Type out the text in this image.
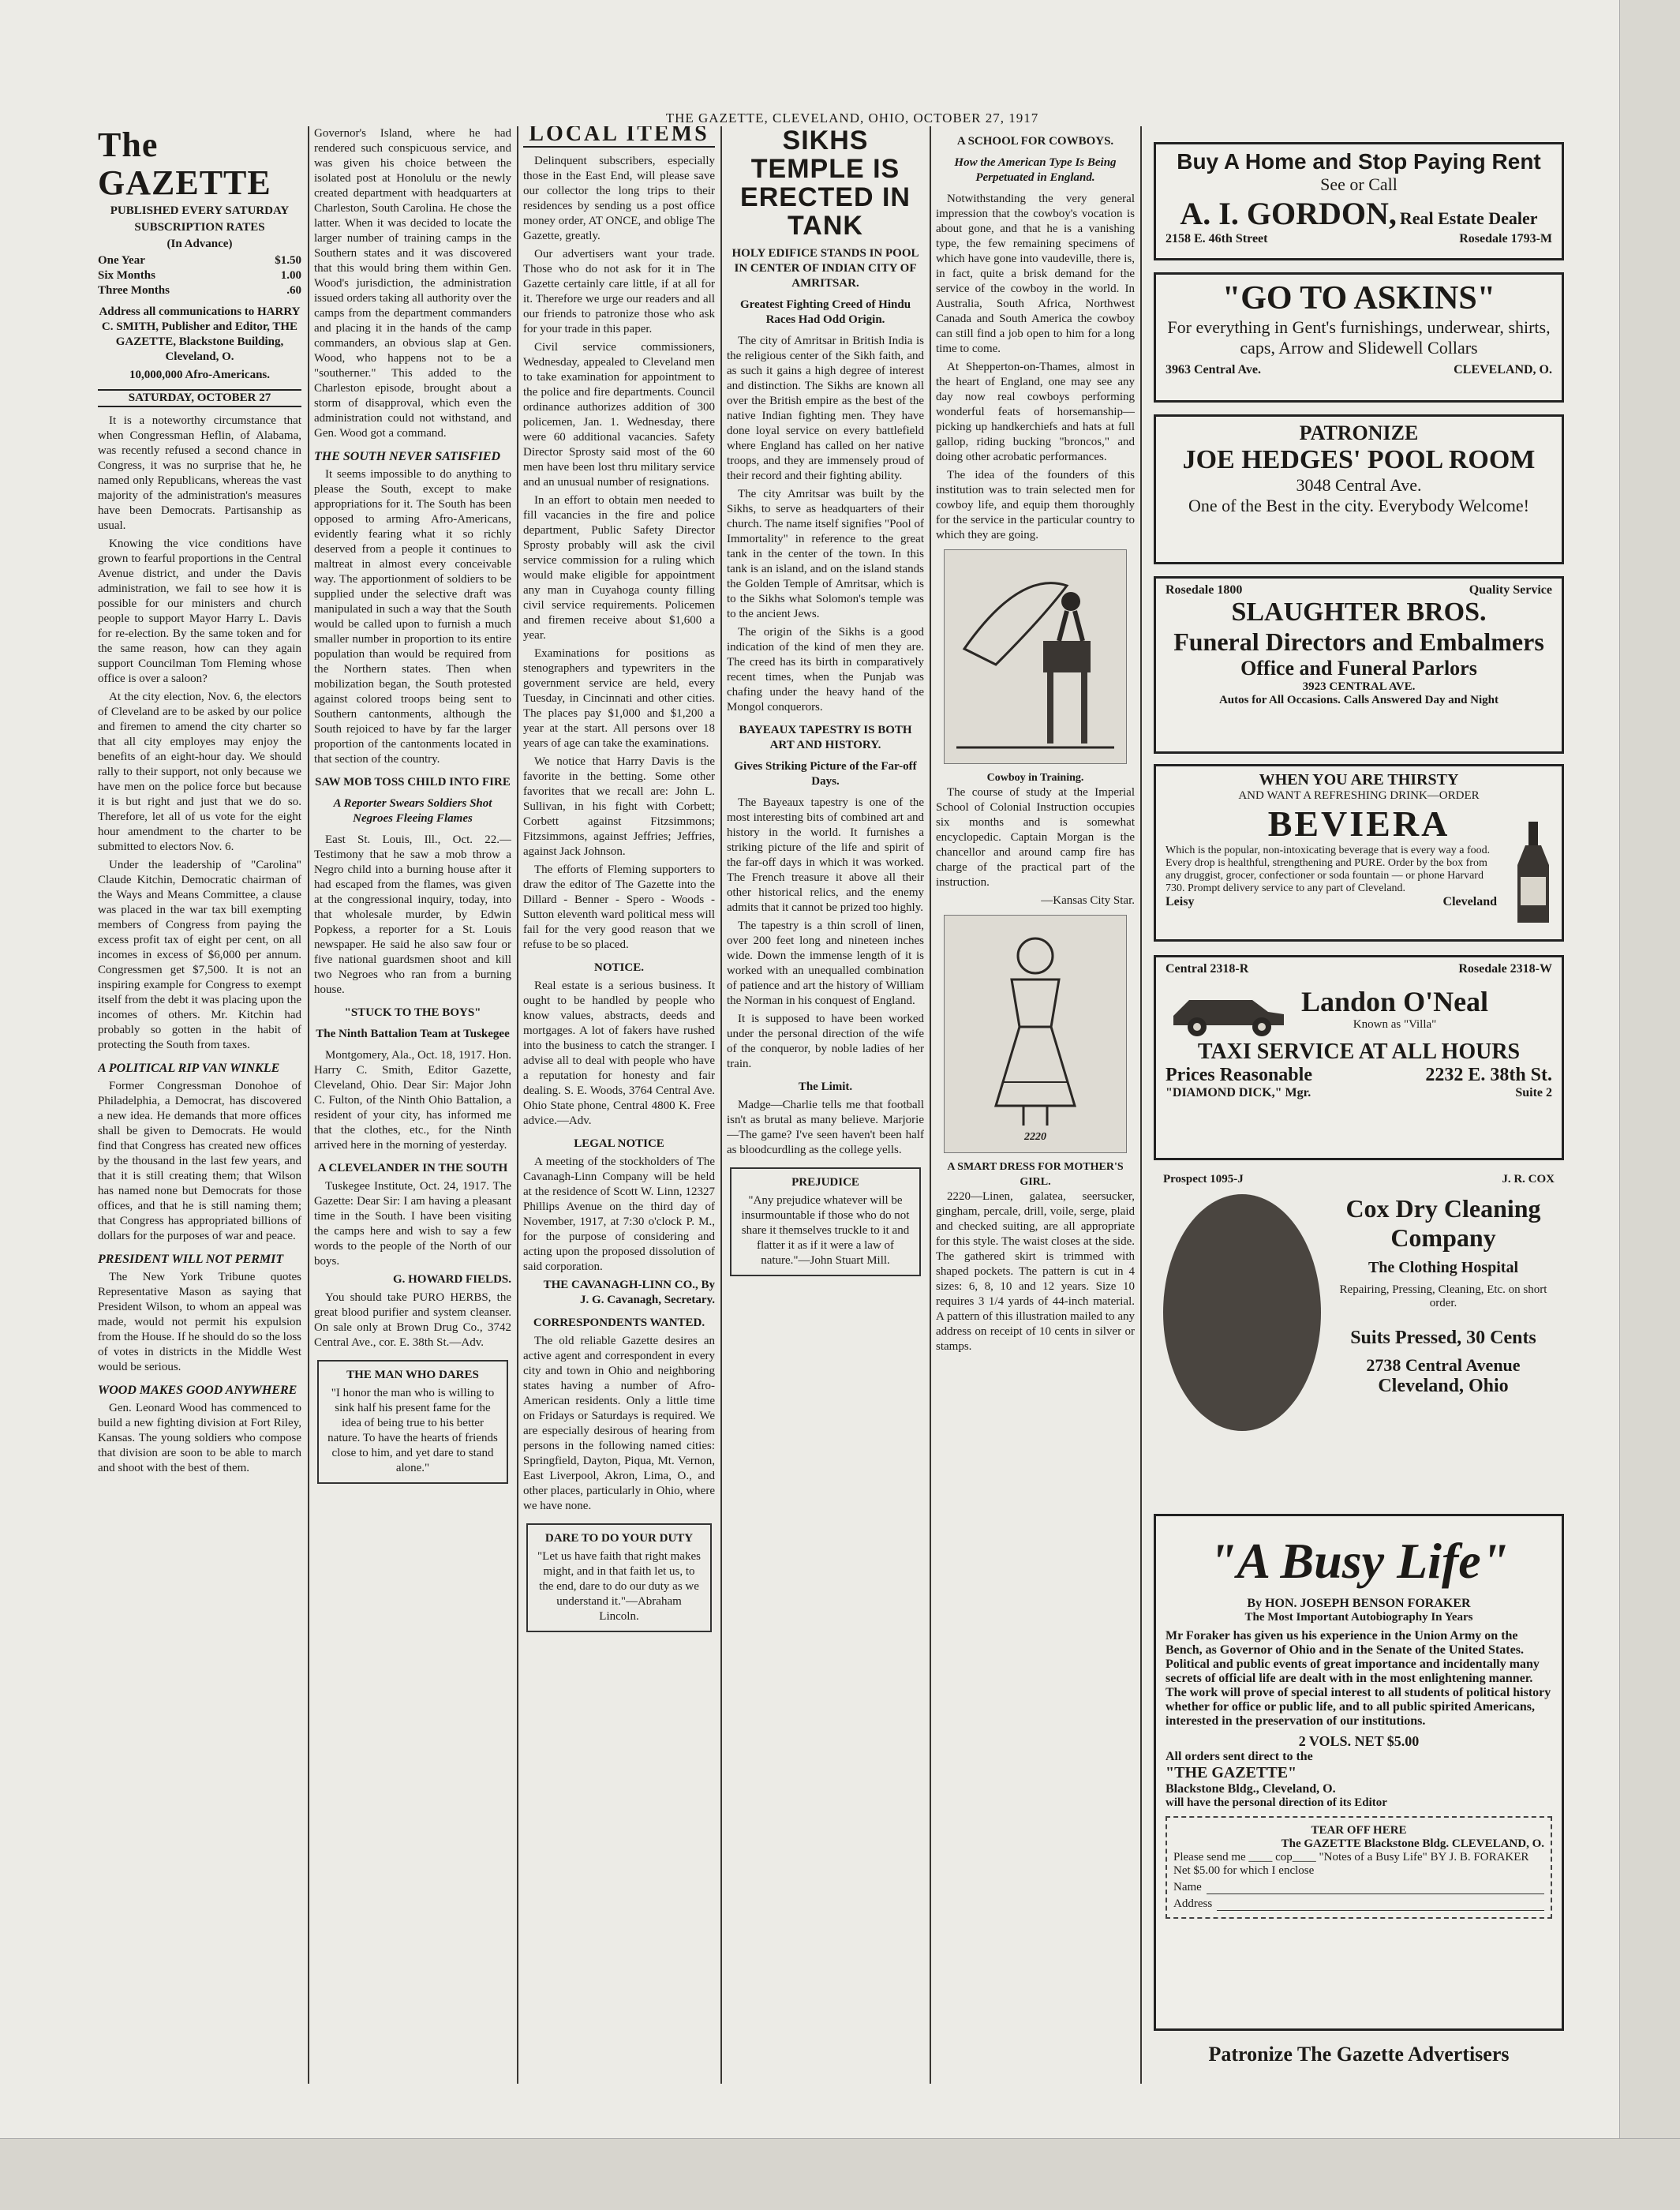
THE GAZETTE, CLEVELAND, OHIO, OCTOBER 27, 1917
The GAZETTE
PUBLISHED EVERY SATURDAY
SUBSCRIPTION RATES
(In Advance)
One Year	$1.50
Six Months	1.00
Three Months	.60

Address all communications to HARRY C. SMITH, Publisher and Editor, THE GAZETTE, Blackstone Building, Cleveland, O.

10,000,000 Afro-Americans.

SATURDAY, OCTOBER 27

It is a noteworthy circumstance that when Congressman Heflin, of Alabama, was recently refused a second chance in Congress, it was no surprise that he, he named only Republicans, whereas the vast majority of the administration's measures have been Democrats. Partisanship as usual.

Knowing the vice conditions have grown to fearful proportions in the Central Avenue district, and under the Davis administration, we fail to see how it is possible for our ministers and church people to support Mayor Harry L. Davis for re-election. By the same token and for the same reason, how can they again support Councilman Tom Fleming whose office is over a saloon?

At the city election, Nov. 6, the electors of Cleveland are to be asked by our police and firemen to amend the city charter so that all city employes may enjoy the benefits of an eight-hour day. We should rally to their support, not only because we have men on the police force but because it is but right and just that we do so. Therefore, let all of us vote for the eight hour amendment to the charter to be submitted to electors Nov. 6.

Under the leadership of "Carolina" Claude Kitchin, Democratic chairman of the Ways and Means Committee, a clause was placed in the war tax bill exempting members of Congress from paying the excess profit tax of eight per cent, on all incomes in excess of $6,000 per annum. Congressmen get $7,500. It is not an inspiring example for Congress to exempt itself from the debt it was placing upon the incomes of others. Mr. Kitchin had probably so gotten in the habit of protecting the South from taxes.

A POLITICAL RIP VAN WINKLE

Former Congressman Donohoe of Philadelphia, a Democrat, has discovered a new idea. He demands that more offices shall be given to Democrats. He would find that Congress has created new offices by the thousand in the last few years, and that it is still creating them; that Wilson has named none but Democrats for those offices, and that he is still naming them; that Congress has appropriated billions of dollars for the purposes of war and peace.

PRESIDENT WILL NOT PERMIT

The New York Tribune quotes Representative Mason as saying that President Wilson, to whom an appeal was made, would not permit his expulsion from the House. If he should do so the loss of votes in districts in the Middle West would be serious.

WOOD MAKES GOOD ANYWHERE

Gen. Leonard Wood has commenced to build a new fighting division at Fort Riley, Kansas. The young soldiers who compose that division are soon to be able to march and shoot with the best of them.

Governor's Island, where he had rendered such conspicuous service, and was given his choice between the isolated post at Honolulu or the newly created department with headquarters at Charleston, South Carolina. He chose the latter. When it was decided to locate the larger number of training camps in the Southern states and it was discovered that this would bring them within Gen. Wood's jurisdiction, the administration issued orders taking all authority over the camps from the department commanders and placing it in the hands of the camp commanders, an obvious slap at Gen. Wood, who happens not to be a "southerner." This added to the Charleston episode, brought about a storm of disapproval, which even the administration could not withstand, and Gen. Wood got a command.

THE SOUTH NEVER SATISFIED

It seems impossible to do anything to please the South, except to make appropriations for it. The South has been opposed to arming Afro-Americans, evidently fearing what it so richly deserved from a people it continues to maltreat in almost every conceivable way. The apportionment of soldiers to be supplied under the selective draft was manipulated in such a way that the South would be called upon to furnish a much smaller number in proportion to its entire population than would be required from the Northern states. Then when mobilization began, the South protested against colored troops being sent to Southern cantonments, although the South rejoiced to have by far the larger proportion of the cantonments located in that section of the country.

SAW MOB TOSS CHILD INTO FIRE
A Reporter Swears Soldiers Shot Negroes Fleeing Flames

East St. Louis, Ill., Oct. 22.—Testimony that he saw a mob throw a Negro child into a burning house after it had escaped from the flames, was given at the congressional inquiry, today, into that wholesale murder, by Edwin Popkess, a reporter for a St. Louis newspaper. He said he also saw four or five national guardsmen shoot and kill two Negroes who ran from a burning house.

"STUCK TO THE BOYS"
The Ninth Battalion Team at Tuskegee

Montgomery, Ala., Oct. 18, 1917. Hon. Harry C. Smith, Editor Gazette, Cleveland, Ohio. Dear Sir: Major John C. Fulton, of the Ninth Ohio Battalion, a resident of your city, has informed me that the clothes, etc., for the Ninth arrived here in the morning of yesterday.

A CLEVELANDER IN THE SOUTH

Tuskegee Institute, Oct. 24, 1917. The Gazette: Dear Sir: I am having a pleasant time in the South. I have been visiting the camps here and wish to say a few words to the people of the North of our boys.

G. HOWARD FIELDS.

You should take PURO HERBS, the great blood purifier and system cleanser. On sale only at Brown Drug Co., 3742 Central Ave., cor. E. 38th St.—Adv.

THE MAN WHO DARES
"I honor the man who is willing to sink half his present fame for the idea of being true to his better nature. To have the hearts of friends close to him, and yet dare to stand alone."
LOCAL ITEMS

Delinquent subscribers, especially those in the East End, will please save our collector the long trips to their residences by sending us a post office money order, AT ONCE, and oblige The Gazette, greatly.

Our advertisers want your trade. Those who do not ask for it in The Gazette certainly care little, if at all for it. Therefore we urge our readers and all our friends to patronize those who ask for your trade in this paper.

Civil service commissioners, Wednesday, appealed to Cleveland men to take examination for appointment to the police and fire departments. Council ordinance authorizes addition of 300 policemen, Jan. 1. Wednesday, there were 60 additional vacancies. Safety Director Sprosty said most of the 60 men have been lost thru military service and an unusual number of resignations.

In an effort to obtain men needed to fill vacancies in the fire and police department, Public Safety Director Sprosty probably will ask the civil service commission for a ruling which would make eligible for appointment any man in Cuyahoga county filling civil service requirements. Policemen and firemen receive about $1,600 a year.

Examinations for positions as stenographers and typewriters in the government service are held, every Tuesday, in Cincinnati and other cities. The places pay $1,000 and $1,200 a year at the start. All persons over 18 years of age can take the examinations.

We notice that Harry Davis is the favorite in the betting. Some other favorites that we recall are: John L. Sullivan, in his fight with Corbett; Corbett against Fitzsimmons; Fitzsimmons, against Jeffries; Jeffries, against Jack Johnson.

The efforts of Fleming supporters to draw the editor of The Gazette into the Dillard - Benner - Spero - Woods - Sutton eleventh ward political mess will fail for the very good reason that we refuse to be so placed.

NOTICE.

Real estate is a serious business. It ought to be handled by people who know values, abstracts, deeds and mortgages. A lot of fakers have rushed into the business to catch the stranger. I advise all to deal with people who have a reputation for honesty and fair dealing. S. E. Woods, 3764 Central Ave. Ohio State phone, Central 4800 K. Free advice.—Adv.

LEGAL NOTICE

A meeting of the stockholders of The Cavanagh-Linn Company will be held at the residence of Scott W. Linn, 12327 Phillips Avenue on the third day of November, 1917, at 7:30 o'clock P. M., for the purpose of considering and acting upon the proposed dissolution of said corporation.

THE CAVANAGH-LINN CO., By J. G. Cavanagh, Secretary.

CORRESPONDENTS WANTED.

The old reliable Gazette desires an active agent and correspondent in every city and town in Ohio and neighboring states having a number of Afro-American residents. Only a little time on Fridays or Saturdays is required. We are especially desirous of hearing from persons in the following named cities: Springfield, Dayton, Piqua, Mt. Vernon, East Liverpool, Akron, Lima, O., and other places, particularly in Ohio, where we have none.

DARE TO DO YOUR DUTY
"Let us have faith that right makes might, and in that faith let us, to the end, dare to do our duty as we understand it."—Abraham Lincoln.
SIKHS TEMPLE IS ERECTED IN TANK
HOLY EDIFICE STANDS IN POOL IN CENTER OF INDIAN CITY OF AMRITSAR.
Greatest Fighting Creed of Hindu Races Had Odd Origin.

The city of Amritsar in British India is the religious center of the Sikh faith, and as such it gains a high degree of interest and distinction. The Sikhs are known all over the British empire as the best of the native Indian fighting men. They have done loyal service on every battlefield where England has called on her native troops, and they are immensely proud of their record and their fighting ability.

The city Amritsar was built by the Sikhs, to serve as headquarters of their church. The name itself signifies "Pool of Immortality" in reference to the great tank in the center of the town. In this tank is an island, and on the island stands the Golden Temple of Amritsar, which is to the Sikhs what Solomon's temple was to the ancient Jews.

The origin of the Sikhs is a good indication of the kind of men they are. The creed has its birth in comparatively recent times, when the Punjab was chafing under the heavy hand of the Mongol conquerors.

BAYEAUX TAPESTRY IS BOTH ART AND HISTORY.
Gives Striking Picture of the Far-off Days.

The Bayeaux tapestry is one of the most interesting bits of combined art and history in the world. It furnishes a striking picture of the life and spirit of the far-off days in which it was worked. The French treasure it above all their other historical relics, and the enemy admits that it cannot be prized too highly.

The tapestry is a thin scroll of linen, over 200 feet long and nineteen inches wide. Down the immense length of it is worked with an unequalled combination of patience and art the history of William the Norman in his conquest of England.

It is supposed to have been worked under the personal direction of the wife of the conqueror, by noble ladies of her train.

The Limit.

Madge—Charlie tells me that football isn't as brutal as many believe. Marjorie—The game? I've seen haven't been half as bloodcurdling as the college yells.

PREJUDICE
"Any prejudice whatever will be insurmountable if those who do not share it themselves truckle to it and flatter it as if it were a law of nature."—John Stuart Mill.
A SCHOOL FOR COWBOYS.
How the American Type Is Being Perpetuated in England.

Notwithstanding the very general impression that the cowboy's vocation is about gone, and that he is a vanishing type, the few remaining specimens of which have gone into vaudeville, there is, in fact, quite a brisk demand for the service of the cowboy in the world. In Australia, South Africa, Northwest Canada and South America the cowboy can still find a job open to him for a long time to come.

At Shepperton-on-Thames, almost in the heart of England, one may see any day now real cowboys performing wonderful feats of horsemanship—picking up handkerchiefs and hats at full gallop, riding bucking "broncos," and doing other acrobatic performances.

The idea of the founders of this institution was to train selected men for cowboy life, and equip them thoroughly for the service in the particular country to which they are going.

Cowboy in Training.

The course of study at the Imperial School of Colonial Instruction occupies six months and is somewhat encyclopedic. Captain Morgan is the chancellor and around camp fire has charge of the practical part of the instruction.

—Kansas City Star.

2220
A SMART DRESS FOR MOTHER'S GIRL.

2220—Linen, galatea, seersucker, gingham, percale, drill, voile, serge, plaid and checked suiting, are all appropriate for this style. The waist closes at the side. The gathered skirt is trimmed with shaped pockets. The pattern is cut in 4 sizes: 6, 8, 10 and 12 years. Size 10 requires 3 1/4 yards of 44-inch material. A pattern of this illustration mailed to any address on receipt of 10 cents in silver or stamps.

Buy A Home and Stop Paying Rent
See or Call
A. I. GORDON, Real Estate Dealer
2158 E. 46th Street	Rosedale 1793-M
"GO TO ASKINS"
For everything in Gent's furnishings, underwear, shirts, caps, Arrow and Slidewell Collars
3963 Central Ave.	CLEVELAND, O.
PATRONIZE
JOE HEDGES' POOL ROOM
3048 Central Ave.
One of the Best in the city. Everybody Welcome!
Rosedale 1800	Quality Service
SLAUGHTER BROS.
Funeral Directors and Embalmers
Office and Funeral Parlors
3923 CENTRAL AVE.
Autos for All Occasions. Calls Answered Day and Night
WHEN YOU ARE THIRSTY
AND WANT A REFRESHING DRINK—ORDER
BEVIERA
Which is the popular, non-intoxicating beverage that is every way a food. Every drop is healthful, strengthening and PURE. Order by the box from any druggist, grocer, confectioner or soda fountain — or phone Harvard 730. Prompt delivery service to any part of Cleveland.
Leisy	Cleveland
Central 2318-R	Rosedale 2318-W
Landon O'Neal
Known as "Villa"
TAXI SERVICE AT ALL HOURS
Prices Reasonable	2232 E. 38th St.
"DIAMOND DICK," Mgr.	Suite 2
Prospect 1095-J	J. R. COX
Cox Dry Cleaning Company
The Clothing Hospital
Repairing, Pressing, Cleaning, Etc. on short order.
Suits Pressed, 30 Cents
2738 Central Avenue
Cleveland, Ohio
"A Busy Life"
By HON. JOSEPH BENSON FORAKER
The Most Important Autobiography In Years
Mr Foraker has given us his experience in the Union Army on the Bench, as Governor of Ohio and in the Senate of the United States.
Political and public events of great importance and incidentally many secrets of official life are dealt with in the most enlightening manner.
The work will prove of special interest to all students of political history whether for office or public life, and to all public spirited Americans, interested in the preservation of our institutions.
2 VOLS. NET $5.00
All orders sent direct to the
"THE GAZETTE"
Blackstone Bldg., Cleveland, O.
will have the personal direction of its Editor
TEAR OFF HERE
The GAZETTE Blackstone Bldg. CLEVELAND, O.
Please send me ____ cop____ "Notes of a Busy Life" BY J. B. FORAKER
Net $5.00 for which I enclose
Name
Address
Patronize The Gazette Advertisers
